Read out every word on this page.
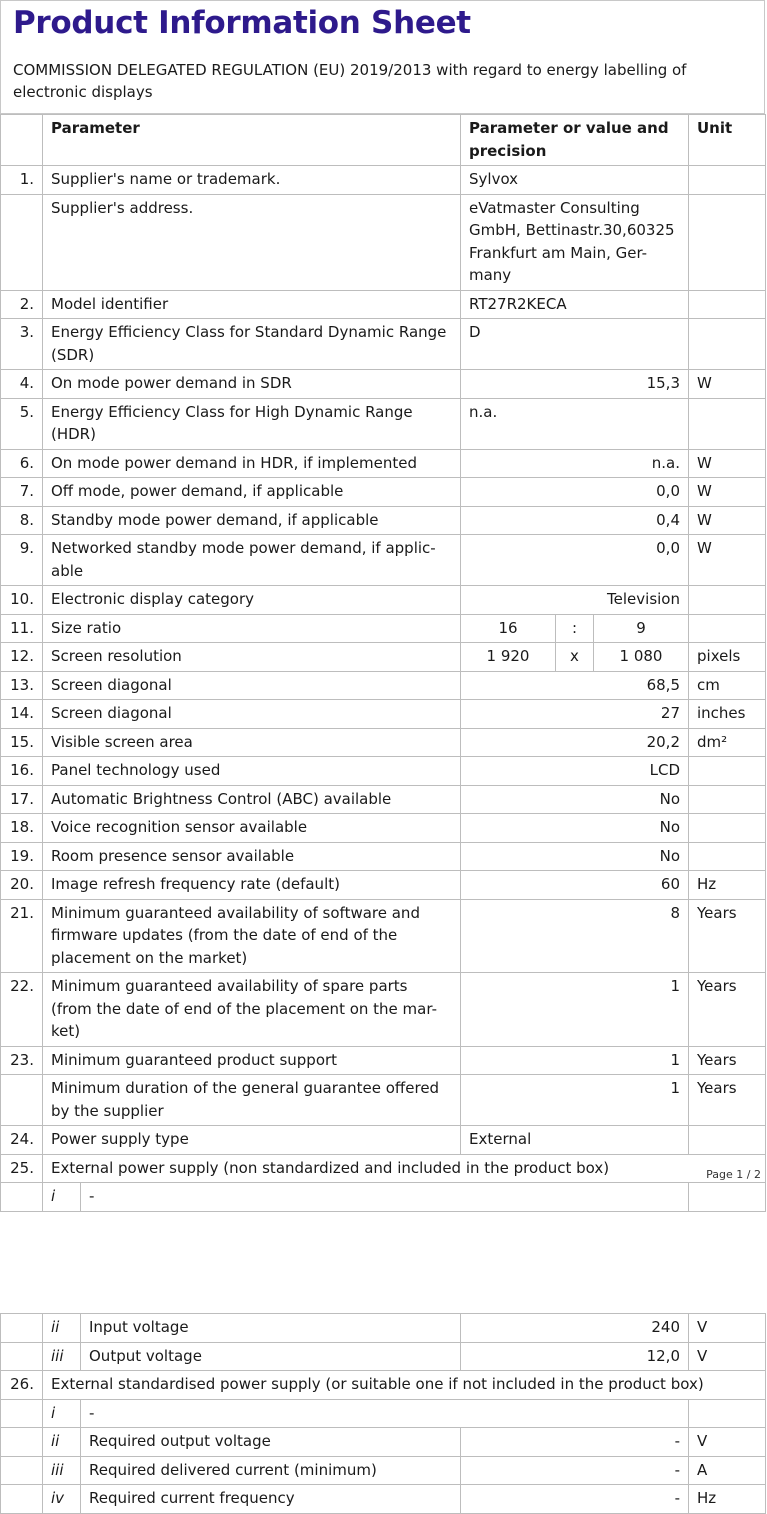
Product Information Sheet
COMMISSION DELEGATED REGULATION (EU) 2019/2013 with regard to energy labelling of electronic displays
	Parameter		Parameter or value and precision			Unit
1.	Supplier's name or trademark.		Sylvox			
	Supplier's address.		eVatmaster Consulting GmbH, Bettinastr.30,60325 Frankfurt am Main, Ger-many			
2.	Model identifier		RT27R2KECA			
3.	Energy Efficiency Class for Standard Dynamic Range (SDR)		D			
4.	On mode power demand in SDR		15,3			W
5.	Energy Efficiency Class for High Dynamic Range (HDR)		n.a.			
6.	On mode power demand in HDR, if implemented		n.a.			W
7.	Off mode, power demand, if applicable		0,0			W
8.	Standby mode power demand, if applicable		0,4			W
9.	Networked standby mode power demand, if applic-able		0,0			W
10.	Electronic display category		Television			
11.	Size ratio		16	:	9	
12.	Screen resolution		1 920	x	1 080	pixels
13.	Screen diagonal		68,5			cm
14.	Screen diagonal		27			inches
15.	Visible screen area		20,2			dm²
16.	Panel technology used		LCD			
17.	Automatic Brightness Control (ABC) available		No			
18.	Voice recognition sensor available		No			
19.	Room presence sensor available		No			
20.	Image refresh frequency rate (default)		60			Hz
21.	Minimum guaranteed availability of software and firmware updates (from the date of end of the placement on the market)		8			Years
22.	Minimum guaranteed availability of spare parts (from the date of end of the placement on the mar-ket)		1			Years
23.	Minimum guaranteed product support		1			Years
	Minimum duration of the general guarantee offered by the supplier		1			Years
24.	Power supply type		External			
25.	External power supply (non standardized and included in the product box)					
	i	-				
Page 1 / 2
	ii	Input voltage	240	V
	iii	Output voltage	12,0	V
26.	External standardised power supply (or suitable one if not included in the product box)			
	i	-		
	ii	Required output voltage	-	V
	iii	Required delivered current (minimum)	-	A
	iv	Required current frequency	-	Hz
